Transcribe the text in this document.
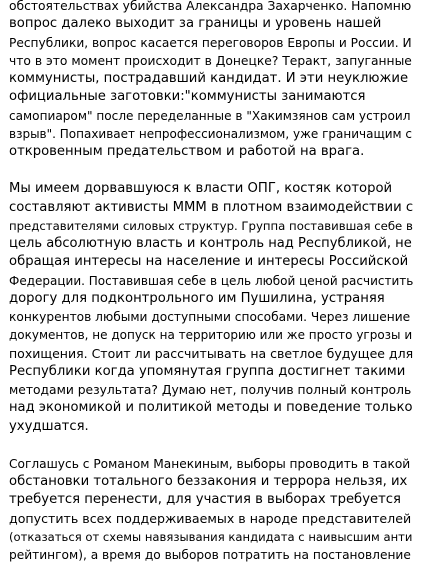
обстоятельствах убийства Александра Захарченко. Напомню
вопрос далеко выходит за границы и уровень нашей
Республики, вопрос касается переговоров Европы и России. И
что в это момент происходит в Донецке? Теракт, запуганные
коммунисты, пострадавший кандидат. И эти неуклюжие
официальные заготовки:"коммунисты занимаются
самопиаром" после переделанные в "Хакимзянов сам устроил
взрыв". Попахивает непрофессионализмом, уже граничащим с
откровенным предательством и работой на врага.
Мы имеем дорвавшуюся к власти ОПГ, костяк которой
составляют активисты МММ в плотном взаимодействии с
представителями силовых структур. Группа поставившая себе в
цель абсолютную власть и контроль над Республикой, не
обращая интересы на население и интересы Российской
Федерации. Поставившая себе в цель любой ценой расчистить
дорогу для подконтрольного им Пушилина, устраняя
конкурентов любыми доступными способами. Через лишение
документов, не допуск на территорию или же просто угрозы и
похищения. Стоит ли рассчитывать на светлое будущее для
Республики когда упомянутая группа достигнет такими
методами результата? Думаю нет, получив полный контроль
над экономикой и политикой методы и поведение только
ухудшатся.
Соглашусь с Романом Манекиным, выборы проводить в такой
обстановки тотального беззакония и террора нельзя, их
требуется перенести, для участия в выборах требуется
допустить всех поддерживаемых в народе представителей
(отказаться от схемы навязывания кандидата с наивысшим анти
рейтингом), а время до выборов потратить на постановление
